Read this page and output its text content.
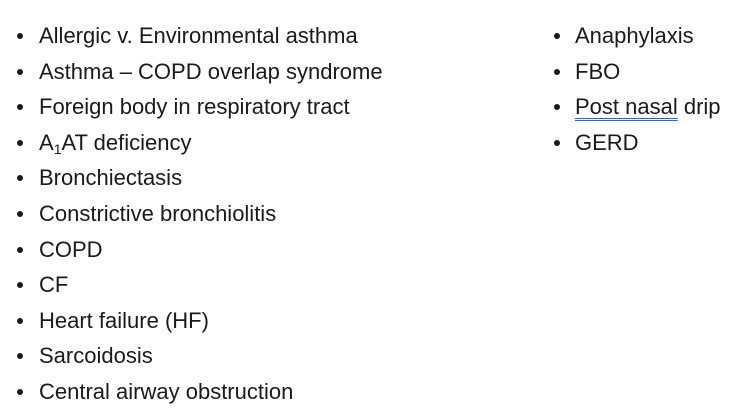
Allergic v. Environmental asthma
Asthma – COPD overlap syndrome
Foreign body in respiratory tract
$A_1AT$ deficiency
Bronchiectasis
Constrictive bronchiolitis
COPD
CF
Heart failure (HF)
Sarcoidosis
Central airway obstruction
Anaphylaxis
FBO
Post nasal drip
GERD
